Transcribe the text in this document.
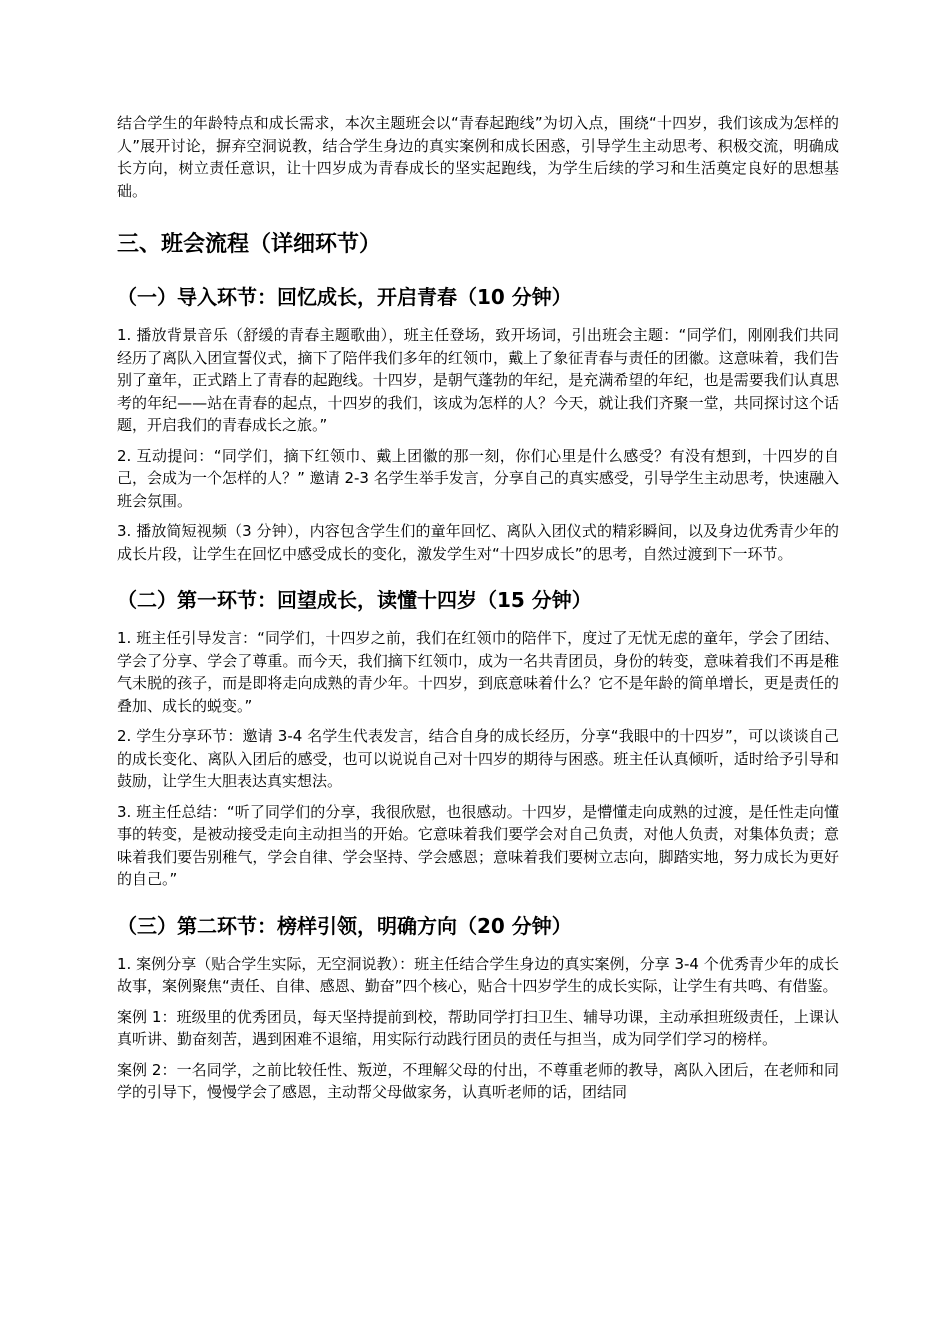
结合学生的年龄特点和成长需求，本次主题班会以“青春起跑线”为切入点，围绕“十四岁，我们该成为怎样的人”展开讨论，摒弃空洞说教，结合学生身边的真实案例和成长困惑，引导学生主动思考、积极交流，明确成长方向，树立责任意识，让十四岁成为青春成长的坚实起跑线，为学生后续的学习和生活奠定良好的思想基础。

三、班会流程（详细环节）
（一）导入环节：回忆成长，开启青春（10 分钟）

1. 播放背景音乐（舒缓的青春主题歌曲），班主任登场，致开场词，引出班会主题：“同学们，刚刚我们共同经历了离队入团宣誓仪式，摘下了陪伴我们多年的红领巾，戴上了象征青春与责任的团徽。这意味着，我们告别了童年，正式踏上了青春的起跑线。十四岁，是朝气蓬勃的年纪，是充满希望的年纪，也是需要我们认真思考的年纪——站在青春的起点，十四岁的我们，该成为怎样的人？今天，就让我们齐聚一堂，共同探讨这个话题，开启我们的青春成长之旅。”

2. 互动提问：“同学们，摘下红领巾、戴上团徽的那一刻，你们心里是什么感受？有没有想到，十四岁的自己，会成为一个怎样的人？” 邀请 2-3 名学生举手发言，分享自己的真实感受，引导学生主动思考，快速融入班会氛围。

3. 播放简短视频（3 分钟），内容包含学生们的童年回忆、离队入团仪式的精彩瞬间，以及身边优秀青少年的成长片段，让学生在回忆中感受成长的变化，激发学生对“十四岁成长”的思考，自然过渡到下一环节。

（二）第一环节：回望成长，读懂十四岁（15 分钟）

1. 班主任引导发言：“同学们，十四岁之前，我们在红领巾的陪伴下，度过了无忧无虑的童年，学会了团结、学会了分享、学会了尊重。而今天，我们摘下红领巾，成为一名共青团员，身份的转变，意味着我们不再是稚气未脱的孩子，而是即将走向成熟的青少年。十四岁，到底意味着什么？它不是年龄的简单增长，更是责任的叠加、成长的蜕变。”

2. 学生分享环节：邀请 3-4 名学生代表发言，结合自身的成长经历，分享“我眼中的十四岁”，可以谈谈自己的成长变化、离队入团后的感受，也可以说说自己对十四岁的期待与困惑。班主任认真倾听，适时给予引导和鼓励，让学生大胆表达真实想法。

3. 班主任总结：“听了同学们的分享，我很欣慰，也很感动。十四岁，是懵懂走向成熟的过渡，是任性走向懂事的转变，是被动接受走向主动担当的开始。它意味着我们要学会对自己负责，对他人负责，对集体负责；意味着我们要告别稚气，学会自律、学会坚持、学会感恩；意味着我们要树立志向，脚踏实地，努力成长为更好的自己。”

（三）第二环节：榜样引领，明确方向（20 分钟）

1. 案例分享（贴合学生实际，无空洞说教）：班主任结合学生身边的真实案例，分享 3-4 个优秀青少年的成长故事，案例聚焦“责任、自律、感恩、勤奋”四个核心，贴合十四岁学生的成长实际，让学生有共鸣、有借鉴。

案例 1：班级里的优秀团员，每天坚持提前到校，帮助同学打扫卫生、辅导功课，主动承担班级责任，上课认真听讲、勤奋刻苦，遇到困难不退缩，用实际行动践行团员的责任与担当，成为同学们学习的榜样。

案例 2：一名同学，之前比较任性、叛逆，不理解父母的付出，不尊重老师的教导，离队入团后，在老师和同学的引导下，慢慢学会了感恩，主动帮父母做家务，认真听老师的话，团结同
